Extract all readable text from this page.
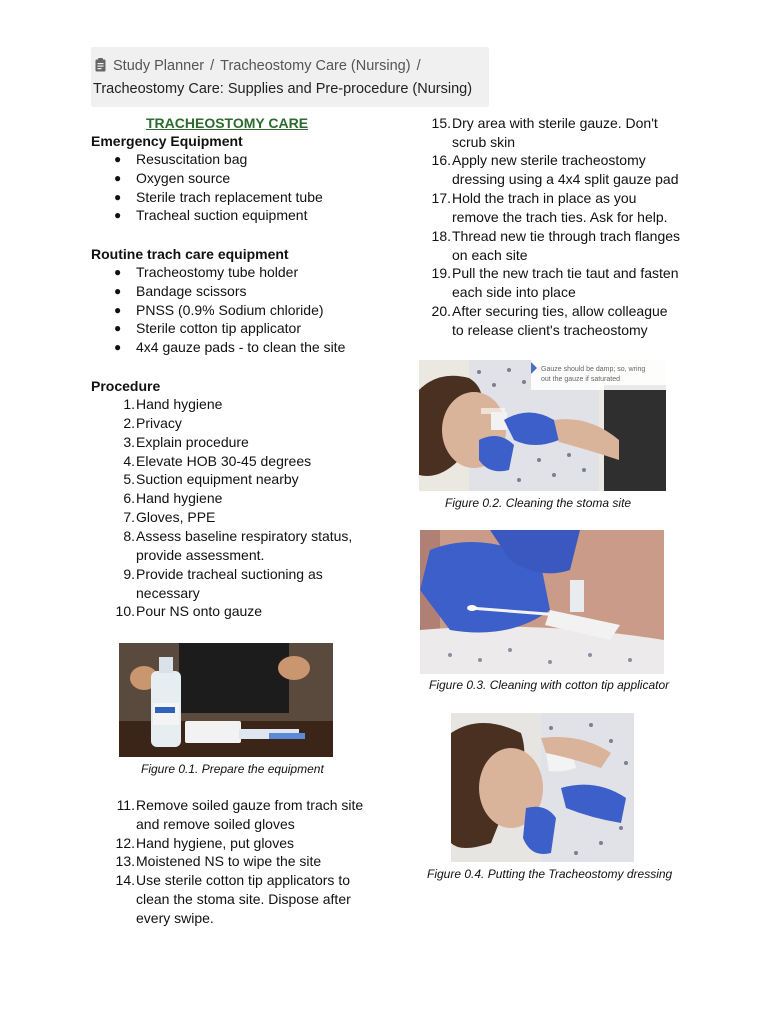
Study Planner / Tracheostomy Care (Nursing) /
Tracheostomy Care: Supplies and Pre-procedure (Nursing)
TRACHEOSTOMY CARE
Emergency Equipment
● Resuscitation bag
● Oxygen source
● Sterile trach replacement tube
● Tracheal suction equipment
Routine trach care equipment
● Tracheostomy tube holder
● Bandage scissors
● PNSS (0.9% Sodium chloride)
● Sterile cotton tip applicator
● 4x4 gauze pads - to clean the site
Procedure
1. Hand hygiene
2. Privacy
3. Explain procedure
4. Elevate HOB 30-45 degrees
5. Suction equipment nearby
6. Hand hygiene
7. Gloves, PPE
8. Assess baseline respiratory status,
provide assessment.
9. Provide tracheal suctioning as
necessary
10. Pour NS onto gauze
11. Remove soiled gauze from trach site
and remove soiled gloves
12. Hand hygiene, put gloves
13. Moistened NS to wipe the site
14. Use sterile cotton tip applicators to
clean the stoma site. Dispose after
every swipe.
15. Dry area with sterile gauze. Don't
scrub skin
16. Apply new sterile tracheostomy
dressing using a 4x4 split gauze pad
17. Hold the trach in place as you
remove the trach ties. Ask for help.
18. Thread new tie through trach flanges
on each site
19. Pull the new trach tie taut and fasten
each side into place
20. After securing ties, allow colleague
to release client's tracheostomy
Figure 0.1. Prepare the equipment
Gauze should be damp; so, wring
out the gauze if saturated
Figure 0.2. Cleaning the stoma site
Figure 0.3. Cleaning with cotton tip applicator
Figure 0.4. Putting the Tracheostomy dressing
